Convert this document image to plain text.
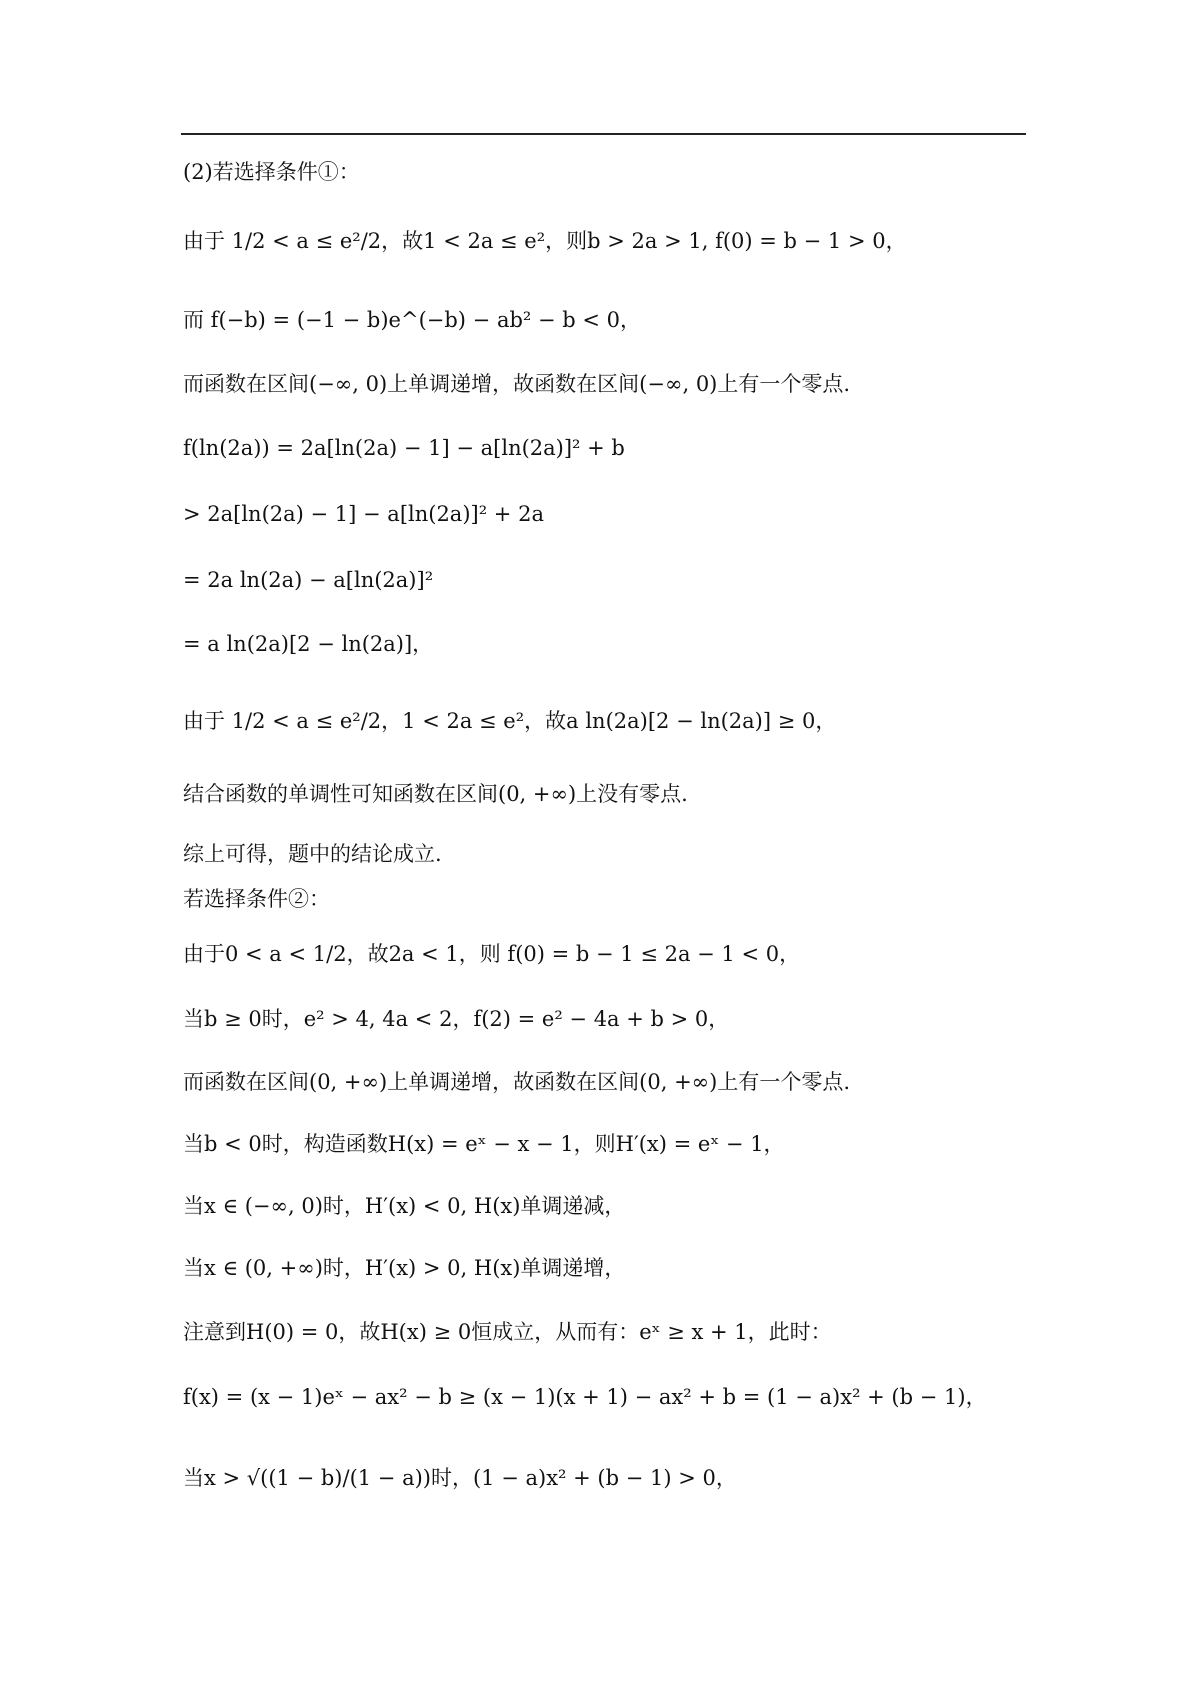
(2)若选择条件①：
由于 1/2 < a ≤ e²/2，故1 < 2a ≤ e²，则b > 2a > 1, f(0) = b − 1 > 0，
而 f(−b) = (−1 − b)e^(−b) − ab² − b < 0，
而函数在区间(−∞, 0)上单调递增，故函数在区间(−∞, 0)上有一个零点.
f(ln(2a)) = 2a[ln(2a) − 1] − a[ln(2a)]² + b
> 2a[ln(2a) − 1] − a[ln(2a)]² + 2a
= 2a ln(2a) − a[ln(2a)]²
= a ln(2a)[2 − ln(2a)]，
由于 1/2 < a ≤ e²/2，1 < 2a ≤ e²，故a ln(2a)[2 − ln(2a)] ≥ 0，
结合函数的单调性可知函数在区间(0, +∞)上没有零点.
综上可得，题中的结论成立.
若选择条件②：
由于0 < a < 1/2，故2a < 1，则 f(0) = b − 1 ≤ 2a − 1 < 0，
当b ≥ 0时，e² > 4, 4a < 2，f(2) = e² − 4a + b > 0，
而函数在区间(0, +∞)上单调递增，故函数在区间(0, +∞)上有一个零点.
当b < 0时，构造函数H(x) = eˣ − x − 1，则H′(x) = eˣ − 1，
当x ∈ (−∞, 0)时，H′(x) < 0, H(x)单调递减，
当x ∈ (0, +∞)时，H′(x) > 0, H(x)单调递增，
注意到H(0) = 0，故H(x) ≥ 0恒成立，从而有：eˣ ≥ x + 1，此时：
f(x) = (x − 1)eˣ − ax² − b ≥ (x − 1)(x + 1) − ax² + b = (1 − a)x² + (b − 1)，
当x > √((1 − b)/(1 − a))时，(1 − a)x² + (b − 1) > 0，
